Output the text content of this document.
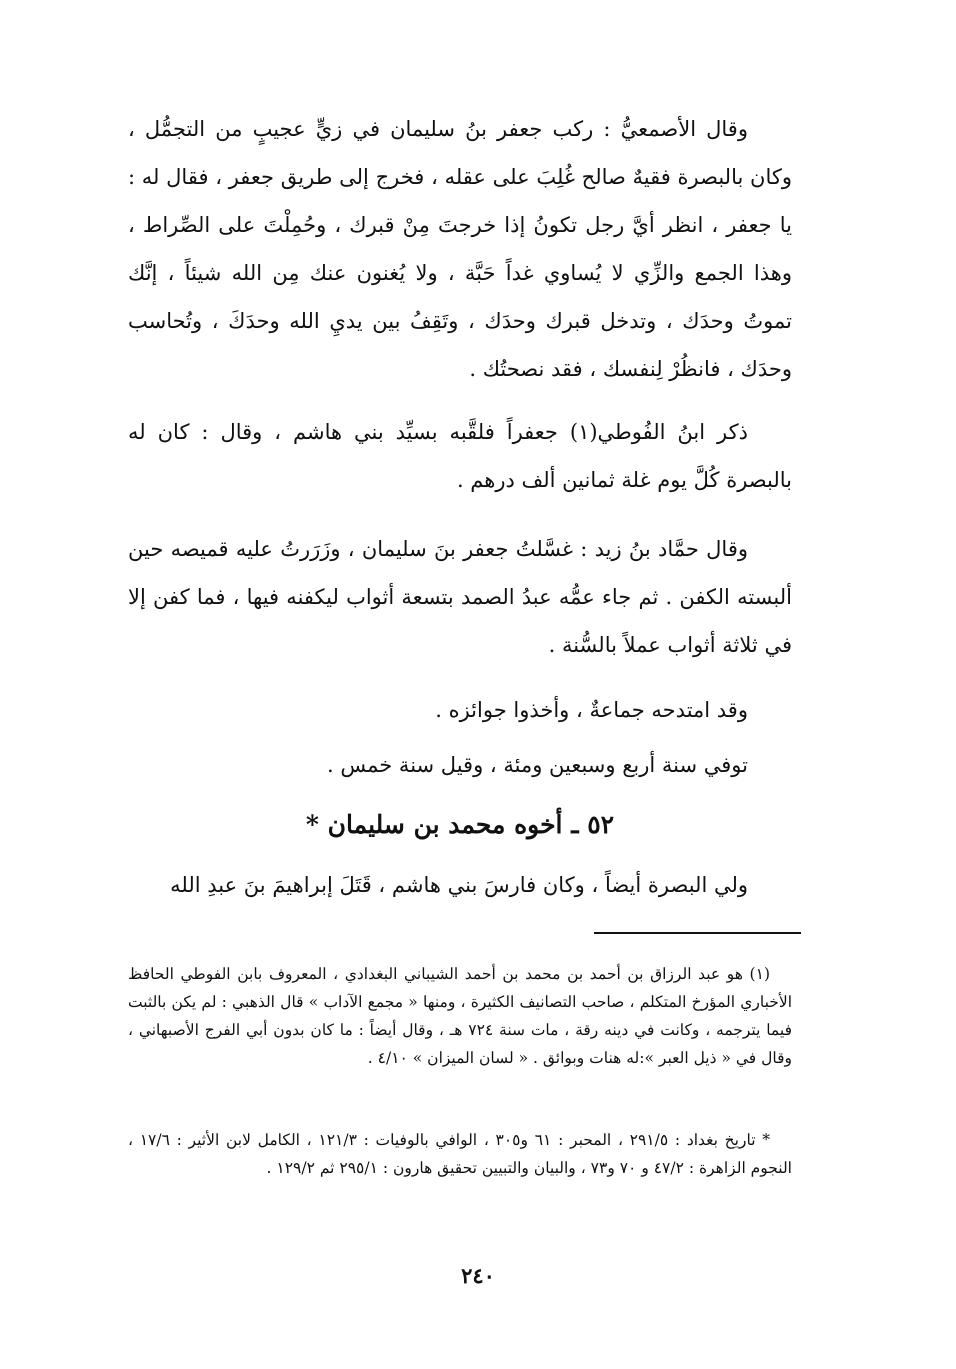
وقال الأصمعيُّ : ركب جعفر بنُ سليمان في زيٍّ عجيبٍ من التجمُّل ، وكان بالبصرة فقيهٌ صالح غُلِبَ على عقله ، فخرج إلى طريق جعفر ، فقال له : يا جعفر ، انظر أيَّ رجل تكونُ إذا خرجتَ مِنْ قبرك ، وحُمِلْتَ على الصِّراط ، وهذا الجمع والزِّي لا يُساوي غداً حَبَّة ، ولا يُغنون عنك مِن الله شيئاً ، إنَّك تموتُ وحدَك ، وتدخل قبرك وحدَك ، وتَقِفُ بين يديِ الله وحدَكَ ، وتُحاسب وحدَك ، فانظُرْ لِنفسك ، فقد نصحتُك .

ذكر ابنُ الفُوطي(١) جعفراً فلقَّبه بسيِّد بني هاشم ، وقال : كان له بالبصرة كُلَّ يوم غلة ثمانين ألف درهم .

وقال حمَّاد بنُ زيد : غسَّلتُ جعفر بنَ سليمان ، وزَرَرتُ عليه قميصه حين ألبسته الكفن . ثم جاء عمُّه عبدُ الصمد بتسعة أثواب ليكفنه فيها ، فما كفن إلا في ثلاثة أثواب عملاً بالسُّنة .

وقد امتدحه جماعةٌ ، وأخذوا جوائزه .

توفي سنة أربع وسبعين ومئة ، وقيل سنة خمس .

٥٢ ـ أخوه محمد بن سليمان *

ولي البصرة أيضاً ، وكان فارسَ بني هاشم ، قَتَلَ إبراهيمَ بنَ عبدِ الله

(١) هو عبد الرزاق بن أحمد بن محمد بن أحمد الشيباني البغدادي ، المعروف بابن الفوطي الحافظ الأخباري المؤرخ المتكلم ، صاحب التصانيف الكثيرة ، ومنها « مجمع الآداب » قال الذهبي : لم يكن بالثبت فيما يترجمه ، وكانت في دينه رقة ، مات سنة ٧٢٤ هـ ، وقال أيضاً : ما كان بدون أبي الفرج الأصبهاني ، وقال في « ذيل العبر »:له هنات وبوائق . « لسان الميزان » ٤/١٠ .

* تاريخ بغداد : ٢٩١/٥ ، المحبر : ٦١ و٣٠٥ ، الوافي بالوفيات : ١٢١/٣ ، الكامل لابن الأثير : ١٧/٦ ، النجوم الزاهرة : ٤٧/٢ و ٧٠ و٧٣ ، والبيان والتبيين تحقيق هارون : ٢٩٥/١ ثم ١٢٩/٢ .

٢٤٠
